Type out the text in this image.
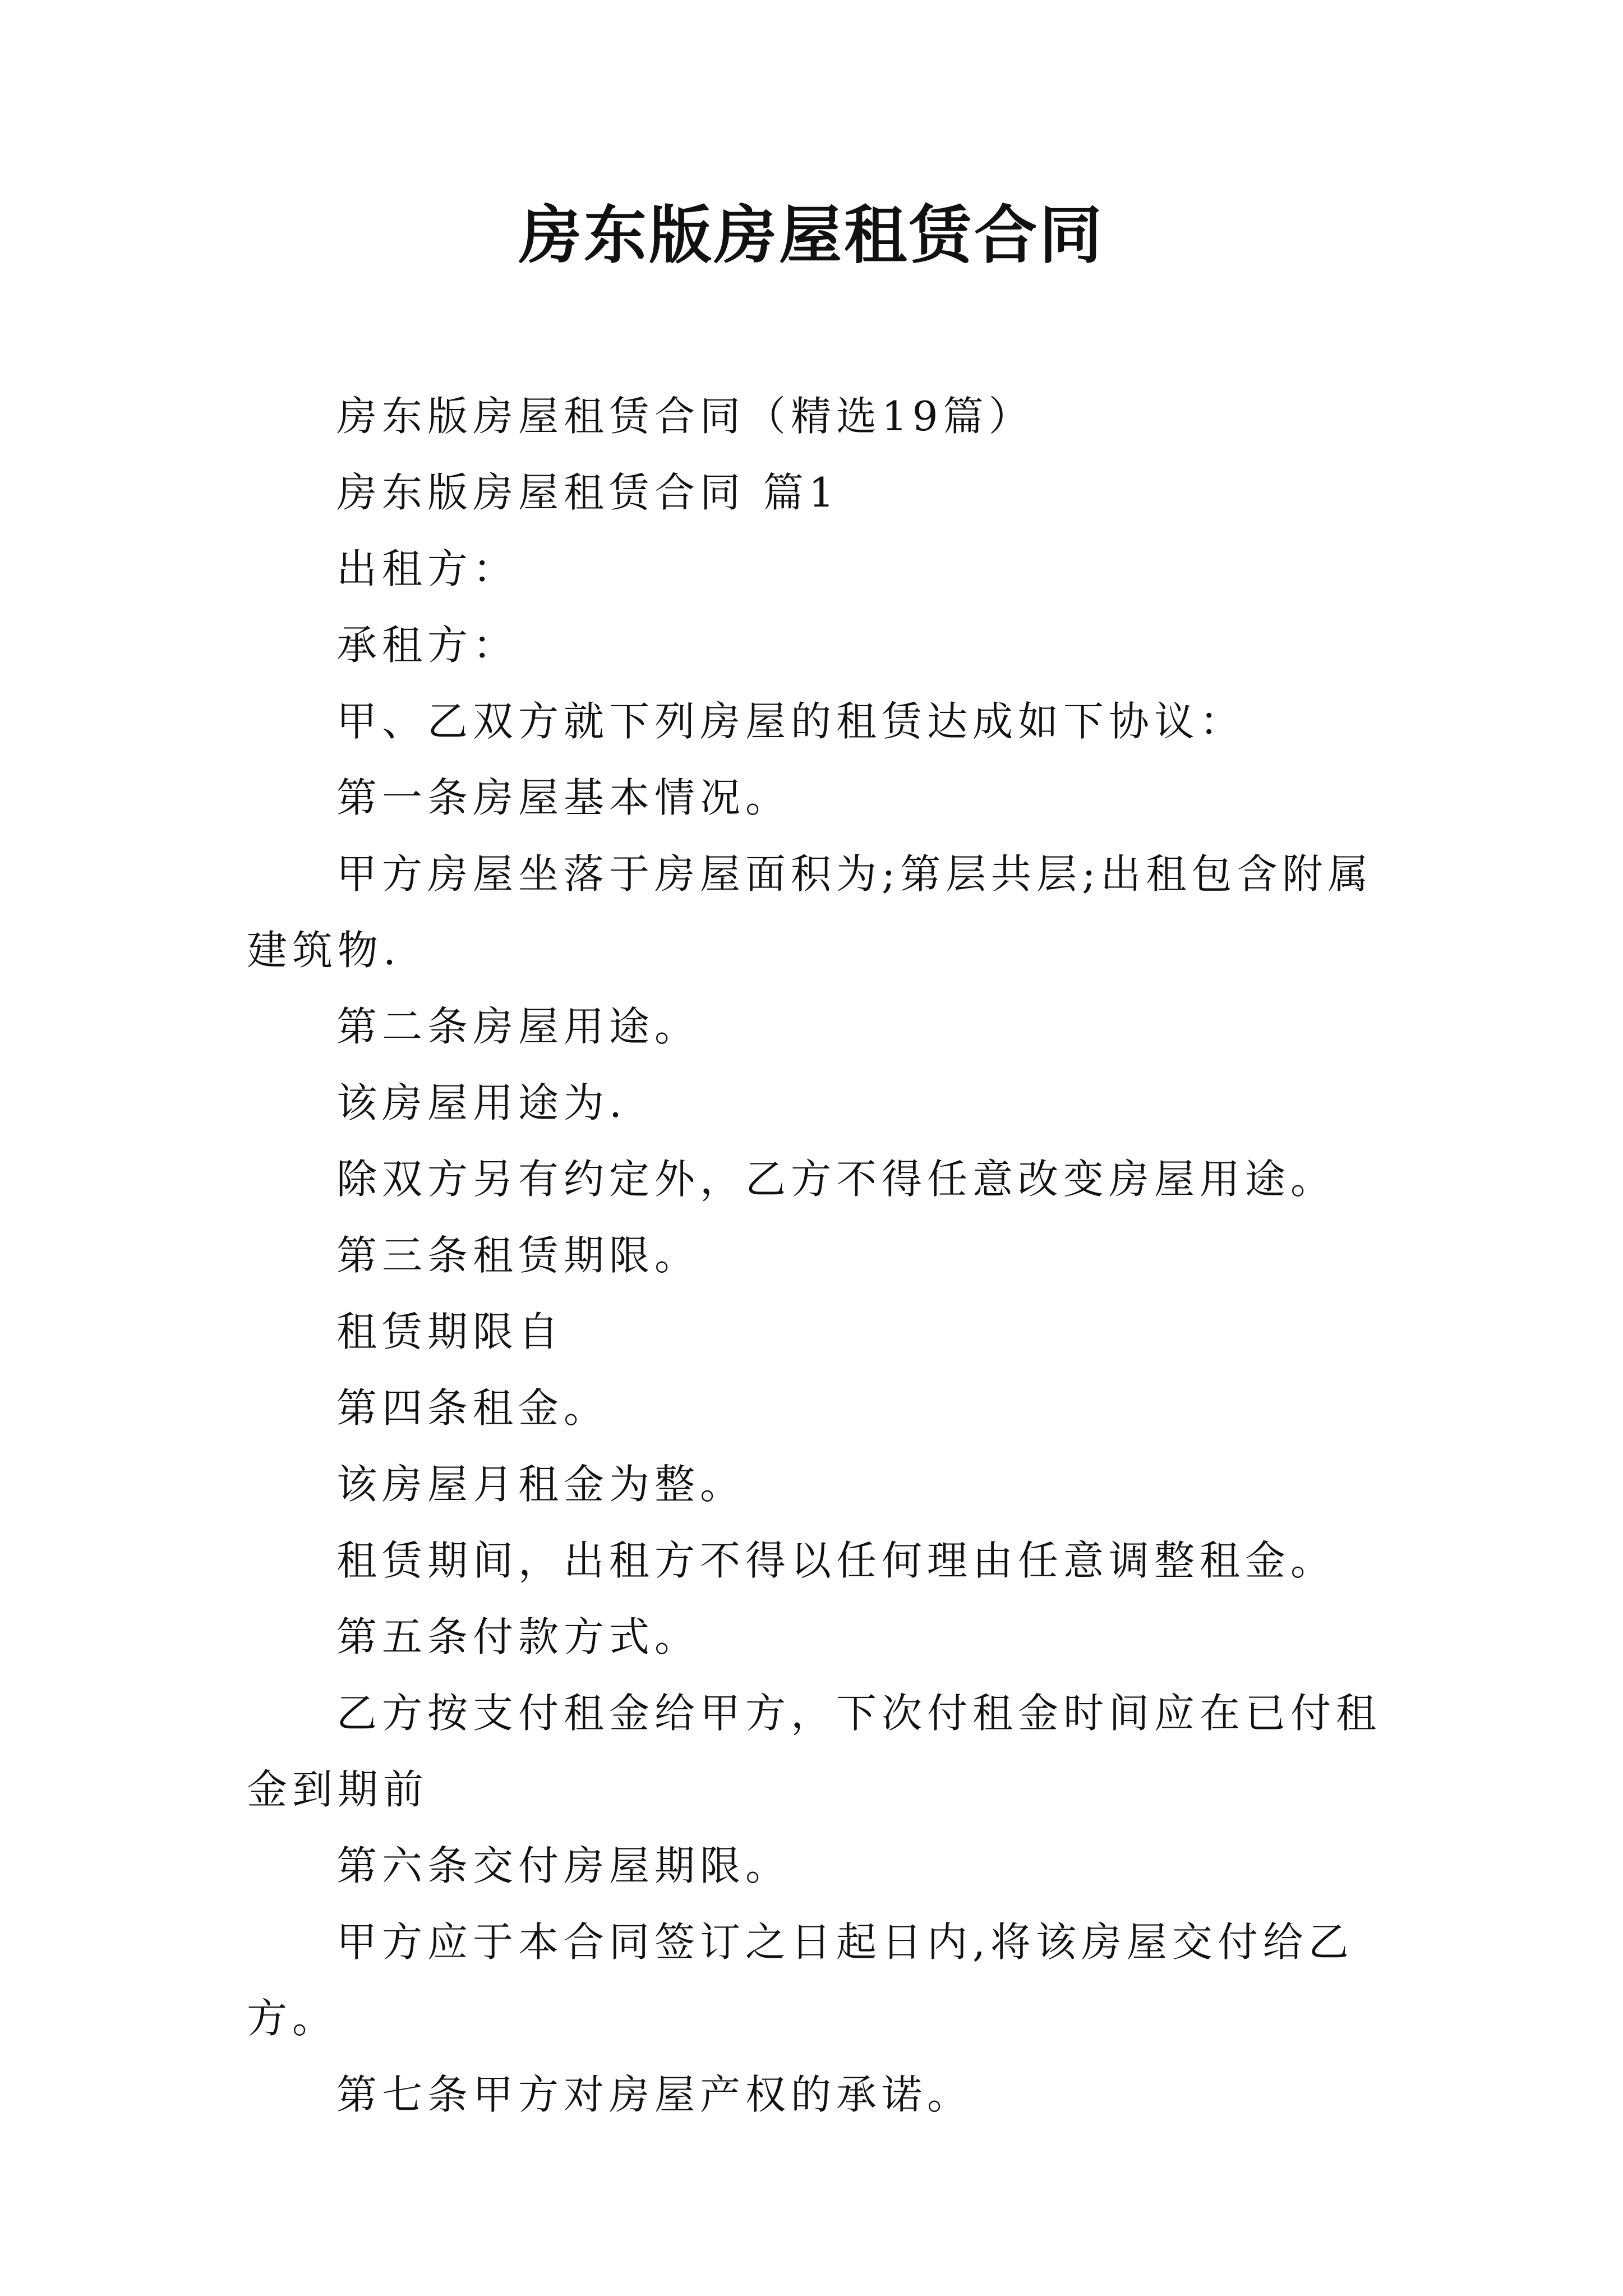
房东版房屋租赁合同

房东版房屋租赁合同（精选19篇）

房东版房屋租赁合同 篇1

出租方：

承租方：

甲、乙双方就下列房屋的租赁达成如下协议：

第一条房屋基本情况。

甲方房屋坐落于房屋面积为;第层共层;出租包含附属建筑物.

第二条房屋用途。

该房屋用途为.

除双方另有约定外，乙方不得任意改变房屋用途。

第三条租赁期限。

租赁期限自

第四条租金。

该房屋月租金为整。

租赁期间，出租方不得以任何理由任意调整租金。

第五条付款方式。

乙方按支付租金给甲方，下次付租金时间应在已付租金到期前

第六条交付房屋期限。

甲方应于本合同签订之日起日内,将该房屋交付给乙方。

第七条甲方对房屋产权的承诺。
